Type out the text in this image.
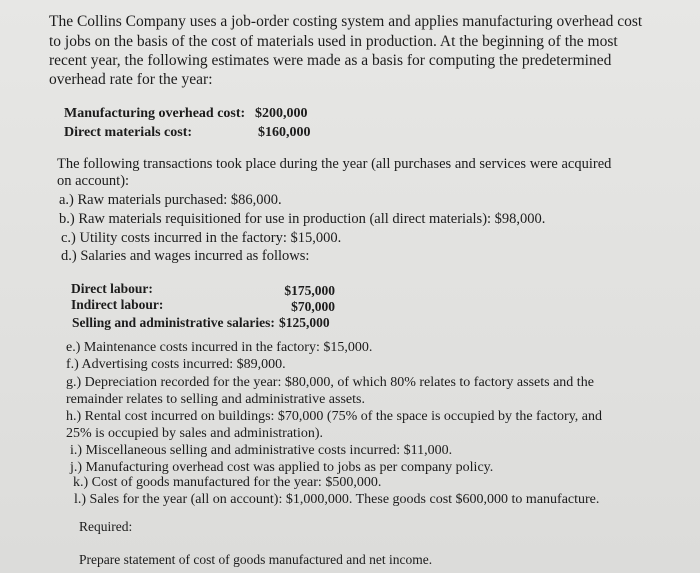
The Collins Company uses a job-order costing system and applies manufacturing overhead cost
to jobs on the basis of the cost of materials used in production. At the beginning of the most
recent year, the following estimates were made as a basis for computing the predetermined
overhead rate for the year:
Manufacturing overhead cost: $200,000
Direct materials cost:	$160,000
The following transactions took place during the year (all purchases and services were acquired
on account):
a.) Raw materials purchased: $86,000.
b.) Raw materials requisitioned for use in production (all direct materials): $98,000.
c.) Utility costs incurred in the factory: $15,000.
d.) Salaries and wages incurred as follows:
Direct labour:	$175,000
Indirect labour:	$70,000
Selling and administrative salaries: $125,000
e.) Maintenance costs incurred in the factory: $15,000.
f.) Advertising costs incurred: $89,000.
g.) Depreciation recorded for the year: $80,000, of which 80% relates to factory assets and the
remainder relates to selling and administrative assets.
h.) Rental cost incurred on buildings: $70,000 (75% of the space is occupied by the factory, and
25% is occupied by sales and administration).
i.) Miscellaneous selling and administrative costs incurred: $11,000.
j.) Manufacturing overhead cost was applied to jobs as per company policy.
k.) Cost of goods manufactured for the year: $500,000.
l.) Sales for the year (all on account): $1,000,000. These goods cost $600,000 to manufacture.
Required:
Prepare statement of cost of goods manufactured and net income.
